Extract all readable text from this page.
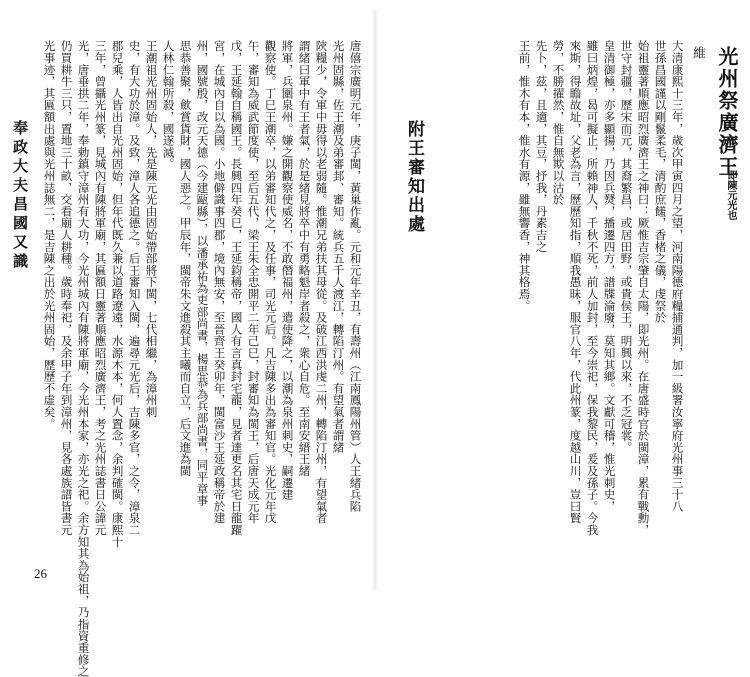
唐僖宗廣明元年，庚子閩，黃巢作亂。元和元年辛丑，有壽州（江南鳳陽州管）人王緒兵陷
光州固縣，佐王潮及弟審邽、審知。統兵五千人渡江，轉陷汀州。有望氣者謂緒
陝糧少，令軍中毋得以老弱隨。惟潮兄弟扶其母從。及破江西洪虔二州，轉陷汀州，有望氣者
謂緒曰軍中有王者氣，於是緒見將卒中有勇略魁岸者殺之，衆心自危。至南安縉王緒
將軍，兵圍泉州。嫌之開觀察使威名，不敢僭福州，遣使降之，以潮為泉州刺史，嗣遷建
觀察使。丁巳王潮卒，以弟審知代之，及任事，司光元后。凡吉陳多出為審知官。光化元年戊
午，審知為威武節度使，至后五代，梁王朱全忠開平二年己巳，封審知為閩王，后唐天成元年
戊，王延翰自稱國王。長興四年癸巳，王延鈞稱帝，國人有言真封宅龍，見者達更名其宅日龍躍
宮，在城內自以為國。小地僻識事四郡，境內無安，至晉齊王癸卯年，閩富沙王延政稱帝於建
州，國號殷，改元天德（今建甌縣），以潘承祐為吏部尚書，楊思恭為兵部尚書，同平章事
思恭善聚，歛賞貨財，國人惡之。甲辰年，閩帝朱文進殺其主曦而自立，后文進為閩
人林仁翰所殺，國遂滅。
王潮祖光州固始人，先是陳元光由固始帶部將下閩，七代相繼，為漳州刺
史，有大功於漳。及致，漳人各追德之。后王審知入閩，遍尋元光后，吉陳多官，之令，漳泉二
郡兒乘，人皆出自光州固始，但年代既久兼以道路遼遠，水源木本，何人置念，余判確閩。康熙十
三年，曾攝光州篆，見城內有陳將軍廟，其匾額日靈著順應昭烈廣濟王，考之光州誌書日公諱元
光，唐垂拱二年，奉勅鎮守漳州有大功，今光州城內有陳將軍廟，今光州本家，亦光之祀。余方知其為始祖，乃指資重修之
仍買耕牛三只，置地三十畝，交看廟人耕種。歲時奉祀，及余甲子年到漳州，見各處族譜皆書元
光事迹，其匾額出處與光州誌無二，是吉陳之出於光州固始，歷歷不虛矣。
奉政大夫昌國又識
26
光州祭廣濟王
即陳元光也
維
大清康熙十三年，歲次甲寅四月之望，河南陽德府糧捕通判，加一級署汝寧府光州事三十八
世孫昌國謹以剛鬣柔毛，清酌庶饈，香楮之儀，虔祭於
始祖靈著順應昭烈廣濟王之神曰：厥惟吉宗肇自太陽，即光州。在唐盛時官於閩漳，累有戰勳，
世守封疆，歷宋而元，其裔繁昌，或居田野，或貴侯王，明興以來，不乏冠裳。
皇清御極，亦多顯揚，乃因兵燹，播遷四方，譜牒淪廢，莫知其鄉。文獻可稽，惟光刺史，
雖曰炳煌，曷可擬止，所賴神人，千秋不死，前人加封，至今崇祀，保我黎民，爰及孫子。今我
來斯，得瞻故址，父老為言，歷歷知指，順我愚昧，服官八年，代此州篆，度越山川，豈曰賢
勞，不勝擢然，惟自無欺以沽於
先卜，茲，且適，其豆，抒我，丹素吉之
王前，惟木有本，惟水有源，雖無響香，神其格焉。
附王審知出處
